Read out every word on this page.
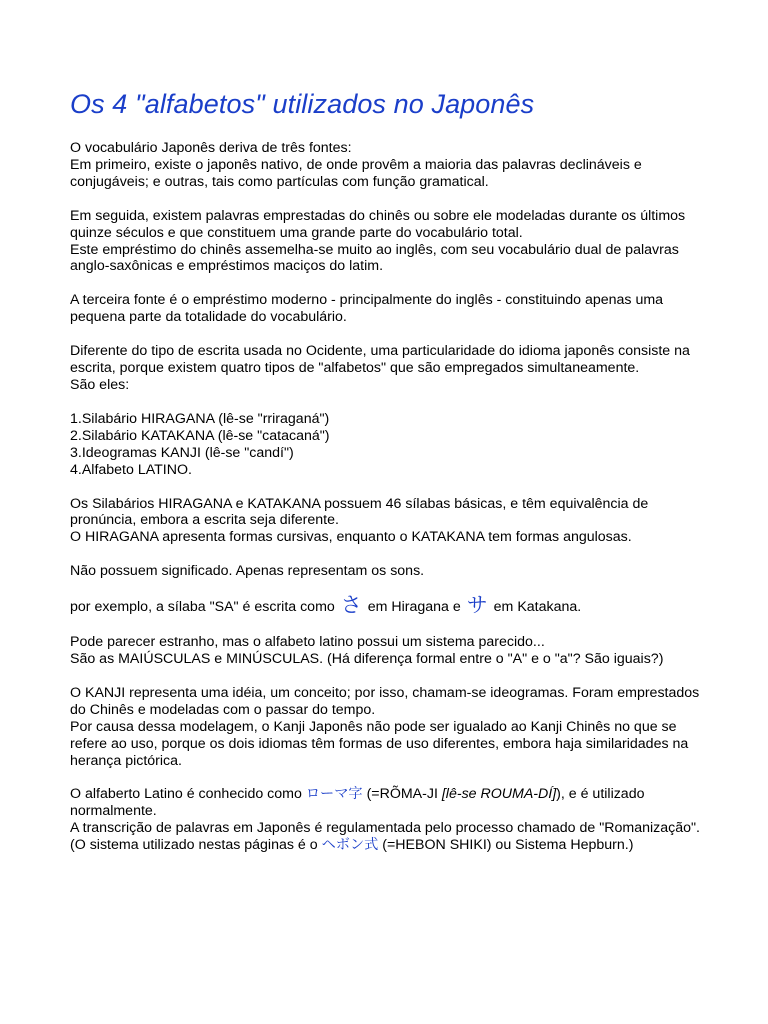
Os 4 "alfabetos" utilizados no Japonês

O vocabulário Japonês deriva de três fontes:

Em primeiro, existe o japonês nativo, de onde provêm a maioria das palavras declináveis e conjugáveis; e outras, tais como partículas com função gramatical.

Em seguida, existem palavras emprestadas do chinês ou sobre ele modeladas durante os últimos quinze séculos e que constituem uma grande parte do vocabulário total.

Este empréstimo do chinês assemelha-se muito ao inglês, com seu vocabulário dual de palavras anglo-saxônicas e empréstimos maciços do latim.

A terceira fonte é o empréstimo moderno - principalmente do inglês - constituindo apenas uma pequena parte da totalidade do vocabulário.

Diferente do tipo de escrita usada no Ocidente, uma particularidade do idioma japonês consiste na escrita, porque existem quatro tipos de "alfabetos" que são empregados simultaneamente.

São eles:

1.Silabário HIRAGANA (lê-se "rriraganá")
2.Silabário KATAKANA (lê-se "catacaná")
3.Ideogramas KANJI (lê-se "candí")
4.Alfabeto LATINO.

Os Silabários HIRAGANA e KATAKANA possuem 46 sílabas básicas, e têm equivalência de pronúncia, embora a escrita seja diferente.

O HIRAGANA apresenta formas cursivas, enquanto o KATAKANA tem formas angulosas.

Não possuem significado. Apenas representam os sons.

por exemplo, a sílaba "SA" é escrita como さ em Hiragana e サ em Katakana.

Pode parecer estranho, mas o alfabeto latino possui um sistema parecido...

São as MAIÚSCULAS e MINÚSCULAS. (Há diferença formal entre o "A" e o "a"? São iguais?)

O KANJI representa uma idéia, um conceito; por isso, chamam-se ideogramas. Foram emprestados do Chinês e modeladas com o passar do tempo.

Por causa dessa modelagem, o Kanji Japonês não pode ser igualado ao Kanji Chinês no que se refere ao uso, porque os dois idiomas têm formas de uso diferentes, embora haja similaridades na herança pictórica.

O alfaberto Latino é conhecido como ローマ字 (=RÕMA-JI [lê-se ROUMA-DÍ]), e é utilizado normalmente.

A transcrição de palavras em Japonês é regulamentada pelo processo chamado de "Romanização".

(O sistema utilizado nestas páginas é o ヘボン式 (=HEBON SHIKI) ou Sistema Hepburn.)
